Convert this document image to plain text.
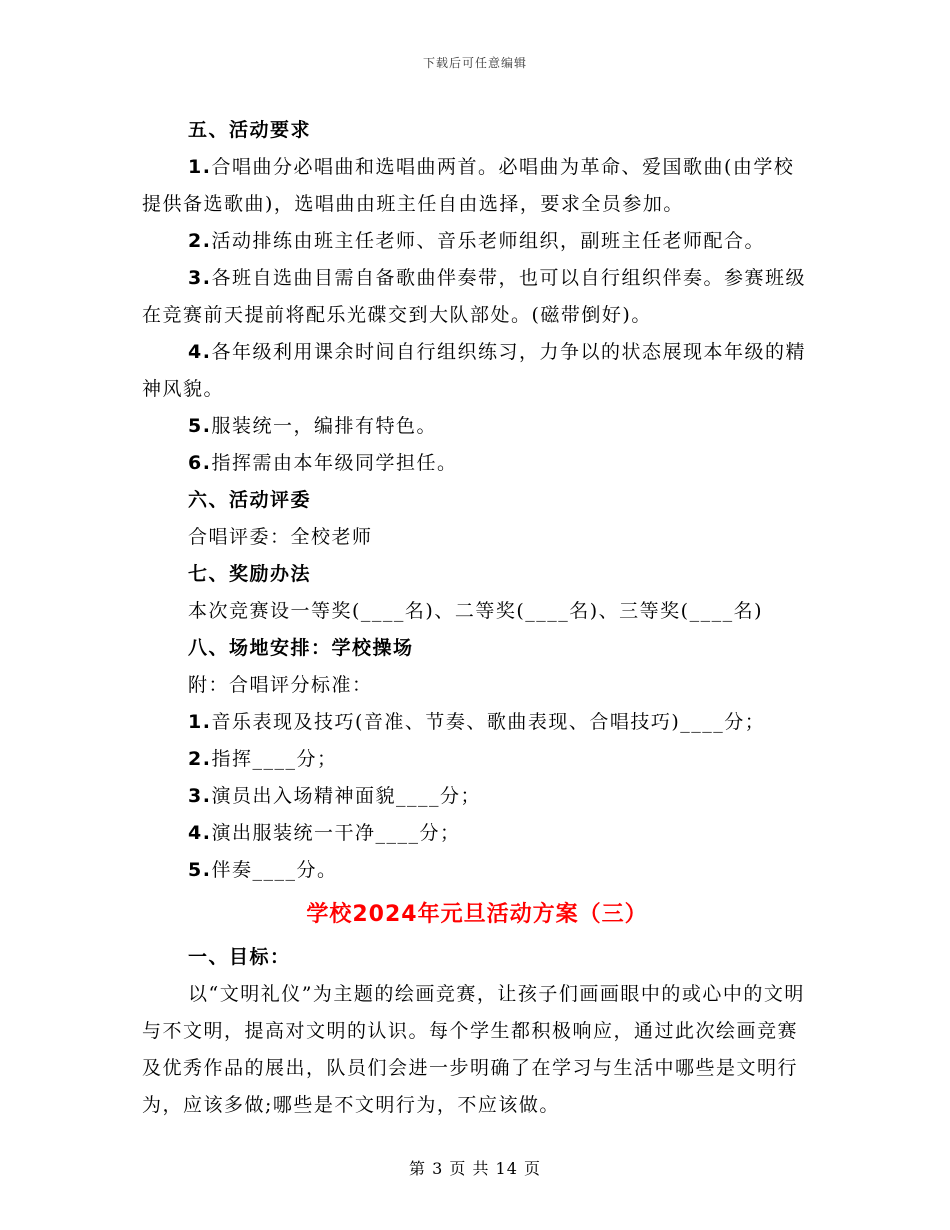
下载后可任意编辑
五、活动要求
1.合唱曲分必唱曲和选唱曲两首。必唱曲为革命、爱国歌曲(由学校提供备选歌曲)，选唱曲由班主任自由选择，要求全员参加。
2.活动排练由班主任老师、音乐老师组织，副班主任老师配合。
3.各班自选曲目需自备歌曲伴奏带，也可以自行组织伴奏。参赛班级在竞赛前天提前将配乐光碟交到大队部处。(磁带倒好)。
4.各年级利用课余时间自行组织练习，力争以的状态展现本年级的精神风貌。
5.服装统一，编排有特色。
6.指挥需由本年级同学担任。
六、活动评委
合唱评委：全校老师
七、奖励办法
本次竞赛设一等奖(____名)、二等奖(____名)、三等奖(____名)
八、场地安排：学校操场
附：合唱评分标准：
1.音乐表现及技巧(音准、节奏、歌曲表现、合唱技巧)____分；
2.指挥____分；
3.演员出入场精神面貌____分；
4.演出服装统一干净____分；
5.伴奏____分。
学校2024年元旦活动方案（三）
一、目标：
以“文明礼仪”为主题的绘画竞赛，让孩子们画画眼中的或心中的文明与不文明，提高对文明的认识。每个学生都积极响应，通过此次绘画竞赛及优秀作品的展出，队员们会进一步明确了在学习与生活中哪些是文明行为，应该多做;哪些是不文明行为，不应该做。
第 3 页 共 14 页
